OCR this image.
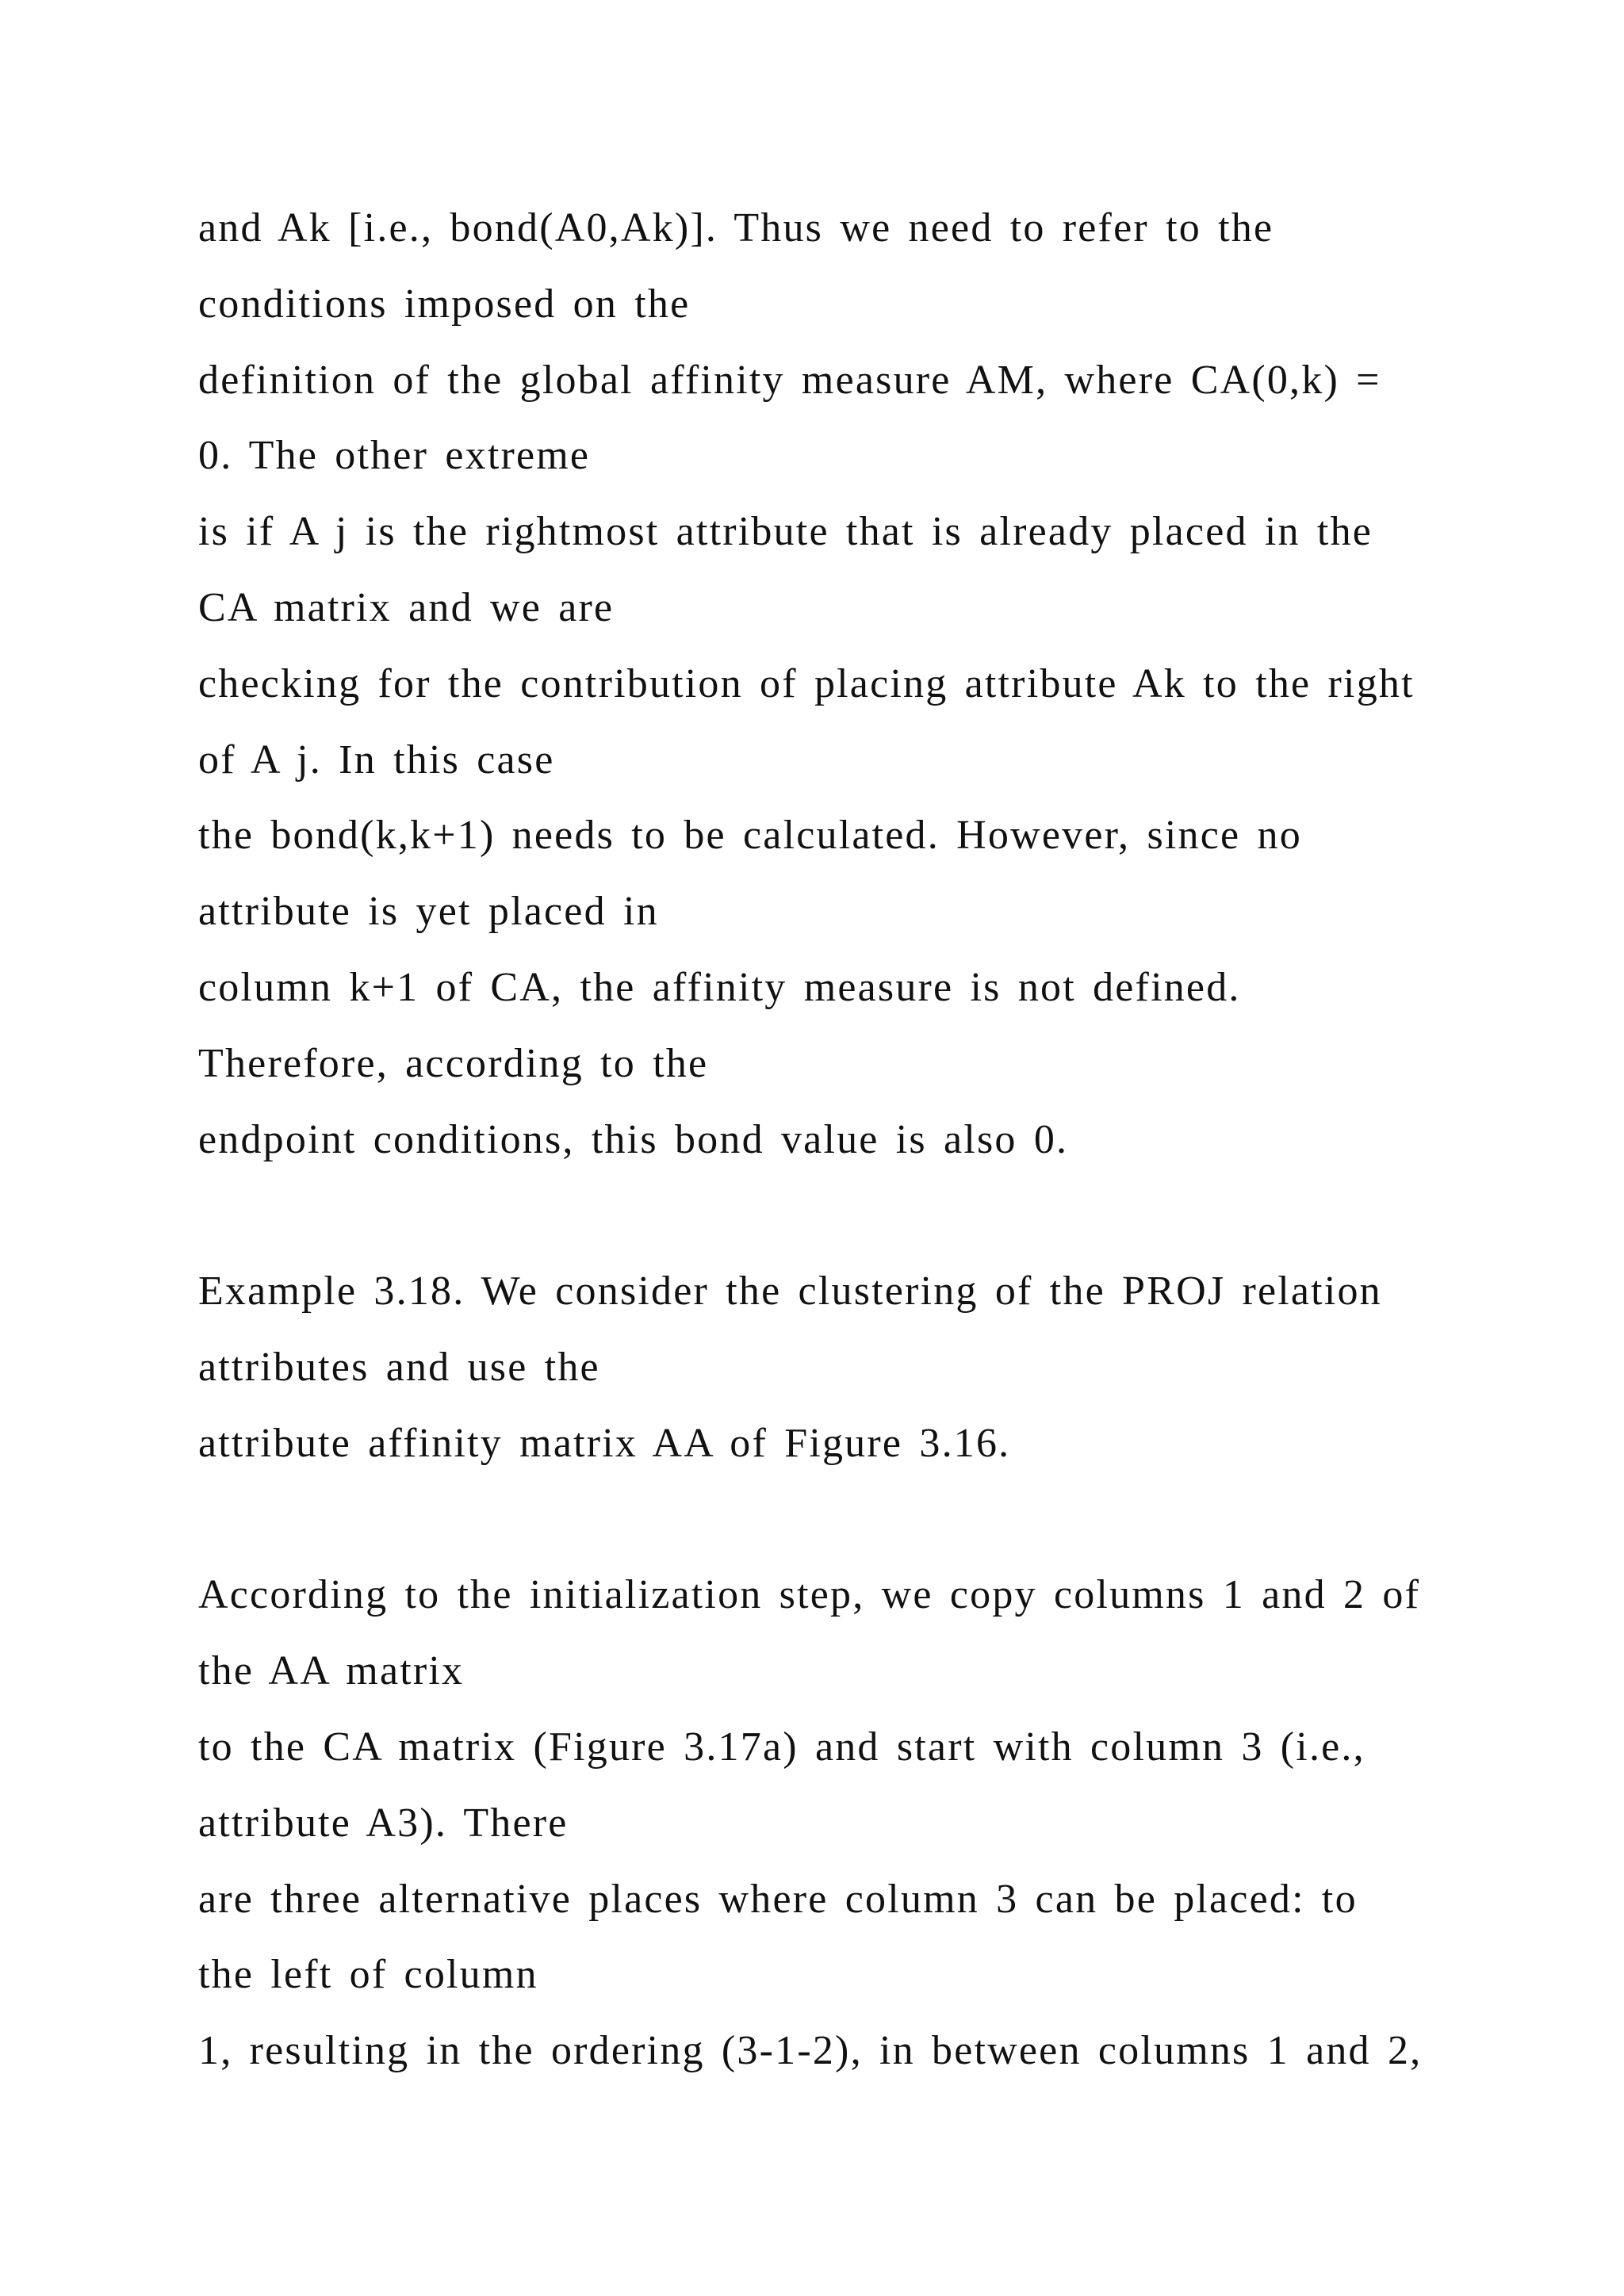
and Ak [i.e., bond(A0,Ak)]. Thus we need to refer to the
conditions imposed on the
definition of the global affinity measure AM, where CA(0,k) =
0. The other extreme
is if A j is the rightmost attribute that is already placed in the
CA matrix and we are
checking for the contribution of placing attribute Ak to the right
of A j. In this case
the bond(k,k+1) needs to be calculated. However, since no
attribute is yet placed in
column k+1 of CA, the affinity measure is not defined.
Therefore, according to the
endpoint conditions, this bond value is also 0.
Example 3.18. We consider the clustering of the PROJ relation
attributes and use the
attribute affinity matrix AA of Figure 3.16.
According to the initialization step, we copy columns 1 and 2 of
the AA matrix
to the CA matrix (Figure 3.17a) and start with column 3 (i.e.,
attribute A3). There
are three alternative places where column 3 can be placed: to
the left of column
1, resulting in the ordering (3-1-2), in between columns 1 and 2,
